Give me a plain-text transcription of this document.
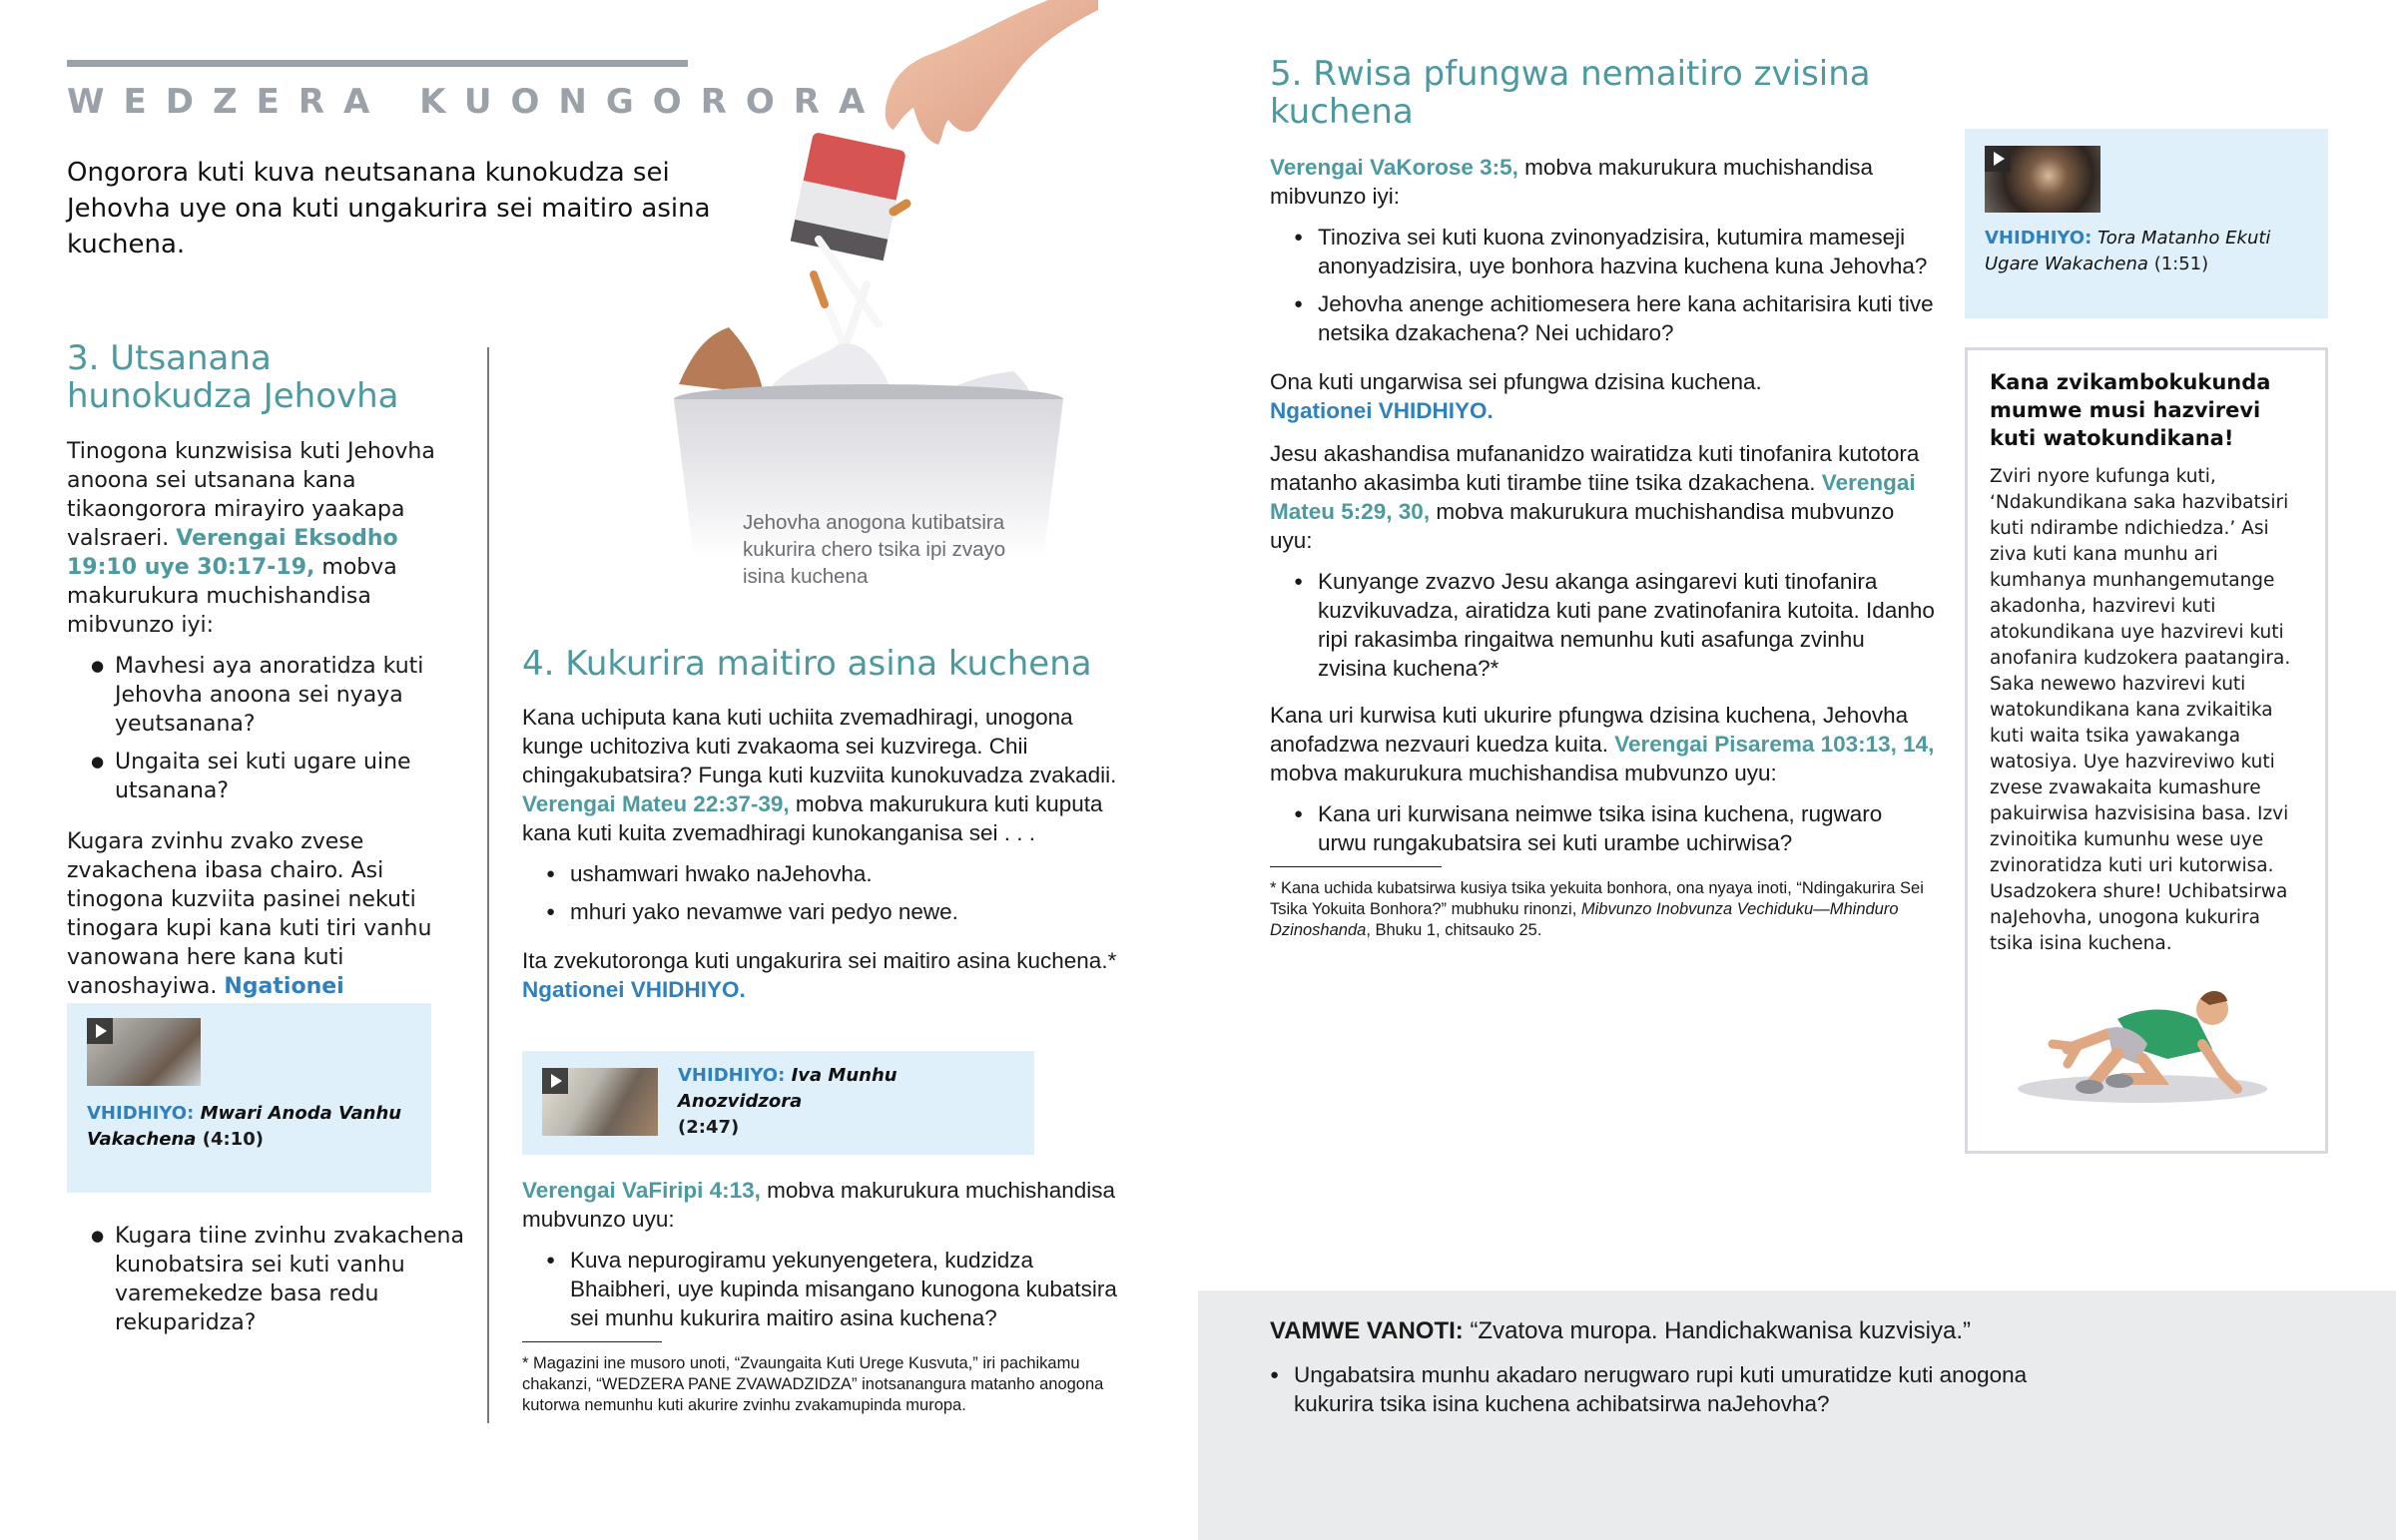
WEDZERA KUONGORORA
Ongorora kuti kuva neutsanana kunokudza sei Jehovha uye ona kuti ungakurira sei maitiro asina kuchena.
Jehovha anogona kutibatsira kukurira chero tsika ipi zvayo isina kuchena
3. Utsanana hunokudza Jehovha

Tinogona kunzwisisa kuti Jehovha anoona sei utsanana kana tikaongorora mirayiro yaakapa valsraeri. Verengai Eksodho 19:10 uye 30:17-19, mobva makurukura muchishandisa mibvunzo iyi:

● Mavhesi aya anoratidza kuti Jehovha anoona sei nyaya yeutsanana?
● Ungaita sei kuti ugare uine utsanana?

Kugara zvinhu zvako zvese zvakachena ibasa chairo. Asi tinogona kuzviita pasinei nekuti tinogara kupi kana kuti tiri vanhu vanowana here kana kuti vanoshayiwa. Ngationei

VHIDHIYO: Mwari Anoda Vanhu Vakachena (4:10)
● Kugara tiine zvinhu zvakachena kunobatsira sei kuti vanhu varemekedze basa redu rekuparidza?
4. Kukurira maitiro asina kuchena

Kana uchiputa kana kuti uchiita zvemadhiragi, unogona kunge uchitoziva kuti zvakaoma sei kuzvirega. Chii chingakubatsira? Funga kuti kuzviita kunokuvadza zvakadii. Verengai Mateu 22:37-39, mobva makurukura kuti kuputa kana kuti kuita zvemadhiragi kunokanganisa sei . . .

● ushamwari hwako naJehovha.
● mhuri yako nevamwe vari pedyo newe.

Ita zvekutoronga kuti ungakurira sei maitiro asina kuchena.* Ngationei VHIDHIYO.

VHIDHIYO: Iva Munhu Anozvidzora
(2:47)

Verengai VaFiripi 4:13, mobva makurukura muchishandisa mubvunzo uyu:

● Kuva nepurogiramu yekunyengetera, kudzidza Bhaibheri, uye kupinda misangano kunogona kubatsira sei munhu kukurira maitiro asina kuchena?

* Magazini ine musoro unoti, “Zvaungaita Kuti Urege Kusvuta,” iri pachikamu chakanzi, “WEDZERA PANE ZVAWADZIDZA” inotsanangura matanho anogona kutorwa nemunhu kuti akurire zvinhu zvakamupinda muropa.

5. Rwisa pfungwa nemaitiro zvisina kuchena

Verengai VaKorose 3:5, mobva makurukura muchishandisa mibvunzo iyi:

● Tinoziva sei kuti kuona zvinonyadzisira, kutumira mameseji anonyadzisira, uye bonhora hazvina kuchena kuna Jehovha?
● Jehovha anenge achitiomesera here kana achitarisira kuti tive netsika dzakachena? Nei uchidaro?

Ona kuti ungarwisa sei pfungwa dzisina kuchena.
Ngationei VHIDHIYO.

Jesu akashandisa mufananidzo wairatidza kuti tinofanira kutotora matanho akasimba kuti tirambe tiine tsika dzakachena. Verengai Mateu 5:29, 30, mobva makurukura muchishandisa mubvunzo uyu:

● Kunyange zvazvo Jesu akanga asingarevi kuti tinofanira kuzvikuvadza, airatidza kuti pane zvatinofanira kutoita. Idanho ripi rakasimba ringaitwa nemunhu kuti asafunga zvinhu zvisina kuchena?*

Kana uri kurwisa kuti ukurire pfungwa dzisina kuchena, Jehovha anofadzwa nezvauri kuedza kuita. Verengai Pisarema 103:13, 14, mobva makurukura muchishandisa mubvunzo uyu:

● Kana uri kurwisana neimwe tsika isina kuchena, rugwaro urwu rungakubatsira sei kuti urambe uchirwisa?

* Kana uchida kubatsirwa kusiya tsika yekuita bonhora, ona nyaya inoti, “Ndingakurira Sei Tsika Yokuita Bonhora?” mubhuku rinonzi, Mibvunzo Inobvunza Vechiduku—Mhinduro Dzinoshanda, Bhuku 1, chitsauko 25.

VHIDHIYO: Tora Matanho Ekuti Ugare Wakachena (1:51)
Kana zvikambokukunda mumwe musi hazvirevi kuti watokundikana!

Zviri nyore kufunga kuti, ‘Ndakundikana saka hazvibatsiri kuti ndirambe ndichiedza.’ Asi ziva kuti kana munhu ari kumhanya munhangemutange akadonha, hazvirevi kuti atokundikana uye hazvirevi kuti anofanira kudzokera paatangira. Saka newewo hazvirevi kuti watokundikana kana zvikaitika kuti waita tsika yawakanga watosiya. Uye hazvireviwo kuti zvese zvawakaita kumashure pakuirwisa hazvisisina basa. Izvi zvinoitika kumunhu wese uye zvinoratidza kuti uri kutorwisa. Usadzokera shure! Uchibatsirwa naJehovha, unogona kukurira tsika isina kuchena.

VAMWE VANOTI: “Zvatova muropa. Handichakwanisa kuzvisiya.”

● Ungabatsira munhu akadaro nerugwaro rupi kuti umuratidze kuti anogona kukurira tsika isina kuchena achibatsirwa naJehovha?
